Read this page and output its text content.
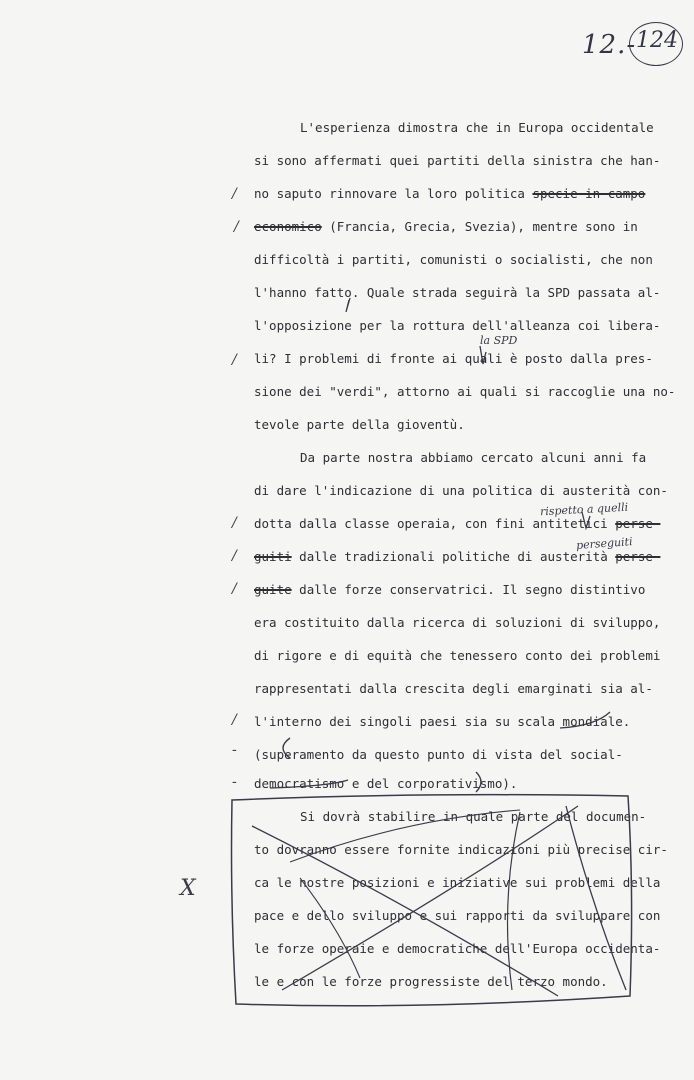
12.- 124
L'esperienza dimostra che in Europa occidentale
si sono affermati quei partiti della sinistra che han-
no saputo rinnovare la loro politica specie in campo
economico (Francia, Grecia, Svezia), mentre sono in
difficoltà i partiti, comunisti o socialisti, che non
l'hanno fatto. Quale strada seguirà la SPD passata al-
l'opposizione per la rottura dell'alleanza coi libera-
li? I problemi di fronte ai quali è posto dalla pres-
sione dei "verdi", attorno ai quali si raccoglie una no-
tevole parte della gioventù.
Da parte nostra abbiamo cercato alcuni anni fa
di dare l'indicazione di una politica di austerità con-
dotta dalla classe operaia, con fini antitetici perse-
guiti dalle tradizionali politiche di austerità perse-
guite dalle forze conservatrici. Il segno distintivo
era costituito dalla ricerca di soluzioni di sviluppo,
di rigore e di equità che tenessero conto dei problemi
rappresentati dalla crescita degli emarginati sia al-
l'interno dei singoli paesi sia su scala mondiale.
(superamento da questo punto di vista del social-
democratismo e del corporativismo).
Si dovrà stabilire in quale parte del documen-
to dovranno essere fornite indicazioni più precise cir-
ca le nostre posizioni e iniziative sui problemi della
pace e dello sviluppo e sui rapporti da sviluppare con
le forze operaie e democratiche dell'Europa occidenta-
le e con le forze progressiste del terzo mondo.
la SPD
rispetto a quelli
perseguiti
/
/
/
/
/
/
/
-
-
X
